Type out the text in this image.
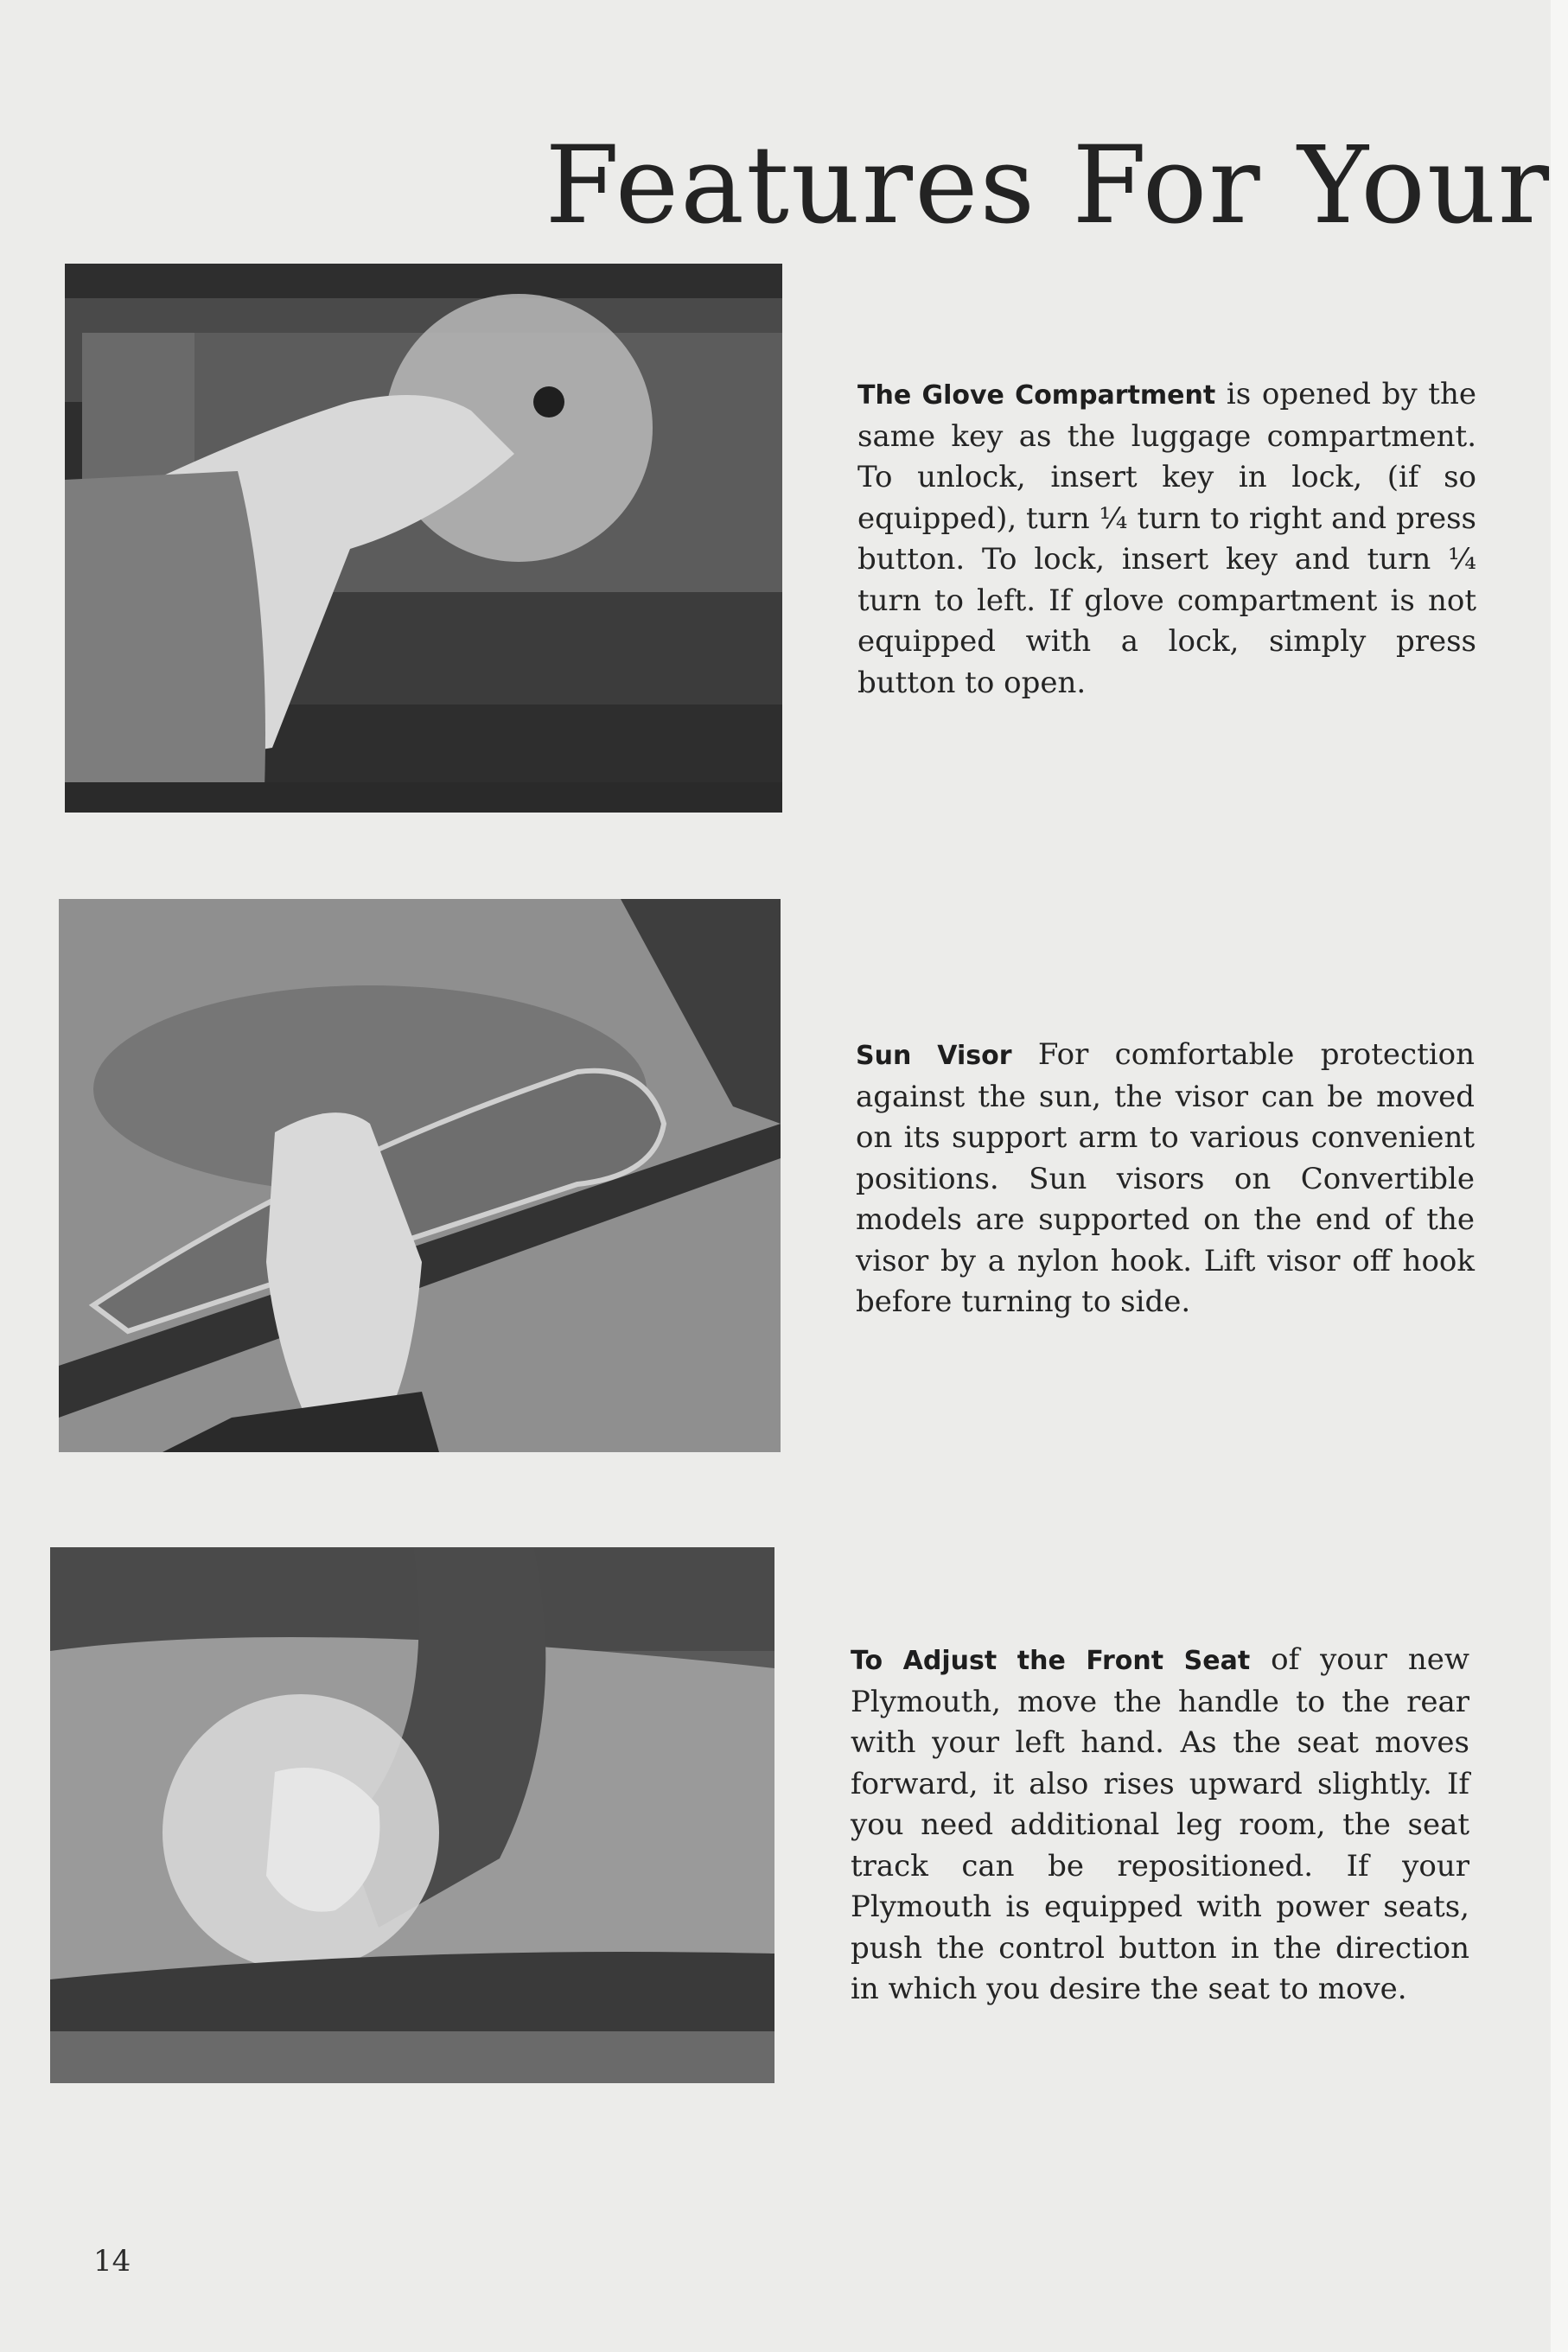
Features For Your
The Glove Compartment is opened by the same key as the luggage compartment. To unlock, insert key in lock, (if so equipped), turn ¼ turn to right and press button. To lock, insert key and turn ¼ turn to left. If glove compartment is not equipped with a lock, simply press button to open.
Sun Visor For comfortable protection against the sun, the visor can be moved on its support arm to various convenient positions. Sun visors on Convertible models are supported on the end of the visor by a nylon hook. Lift visor off hook before turning to side.
To Adjust the Front Seat of your new Plymouth, move the handle to the rear with your left hand. As the seat moves forward, it also rises upward slightly. If you need additional leg room, the seat track can be repositioned. If your Plymouth is equipped with power seats, push the control button in the direction in which you desire the seat to move.
14
